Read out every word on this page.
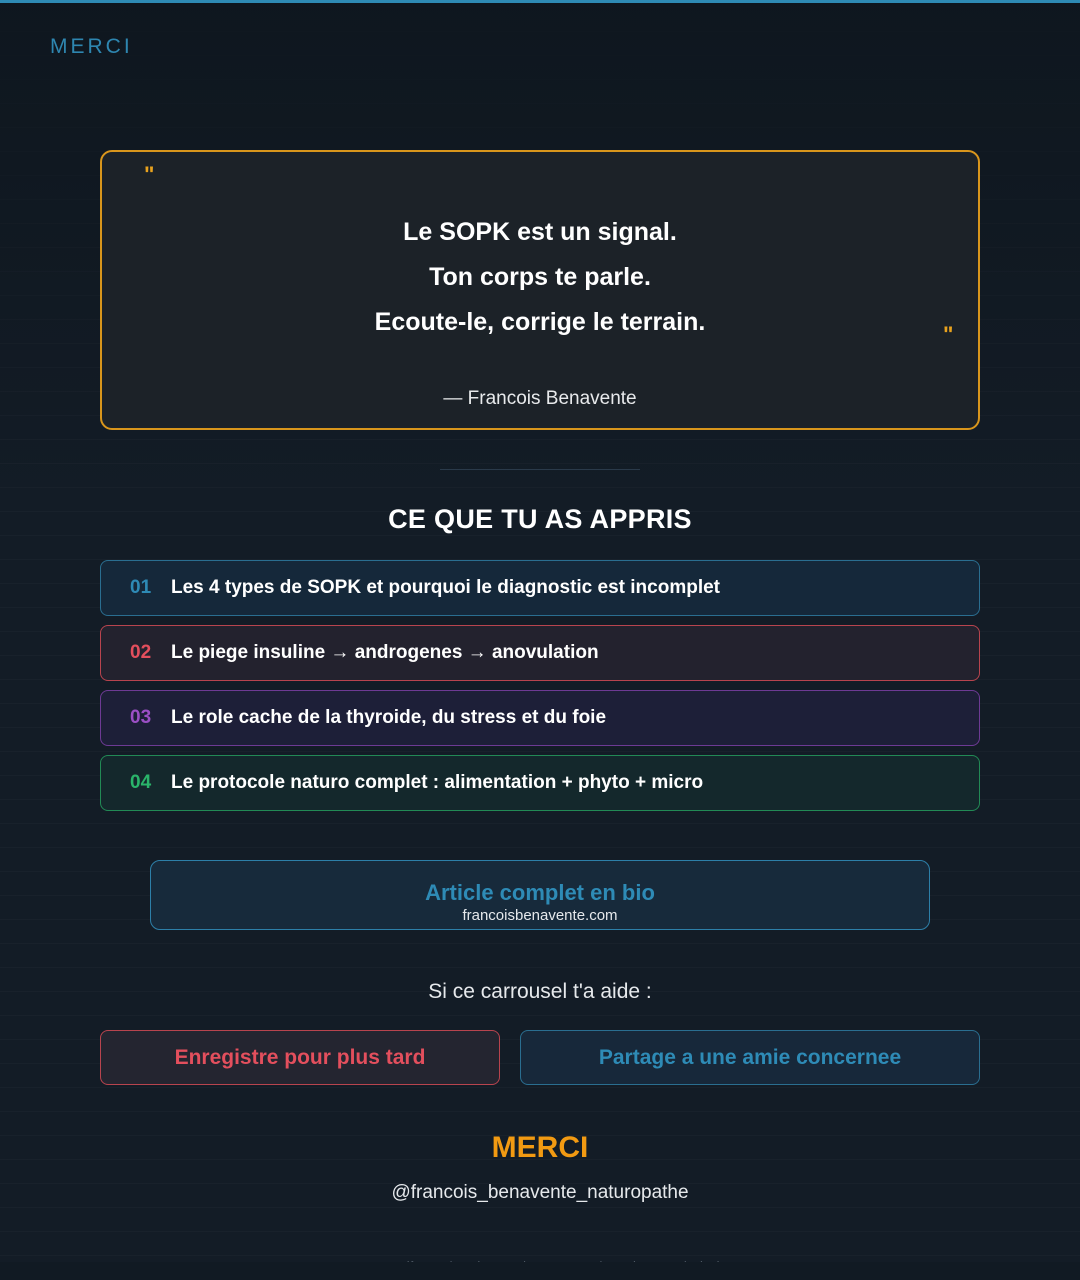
MERCI
"
Le SOPK est un signal.
Ton corps te parle.
Ecoute-le, corrige le terrain.	"
— Francois Benavente
CE QUE TU AS APPRIS
01	Les 4 types de SOPK et pourquoi le diagnostic est incomplet
02	Le piege insuline → androgenes → anovulation
03	Le role cache de la thyroide, du stress et du foie
04	Le protocole naturo complet : alimentation + phyto + micro
Article complet en bio
francoisbenavente.com
Si ce carrousel t'a aide :
Enregistre pour plus tard	Partage a une amie concernee
MERCI
@francois_benavente_naturopathe
